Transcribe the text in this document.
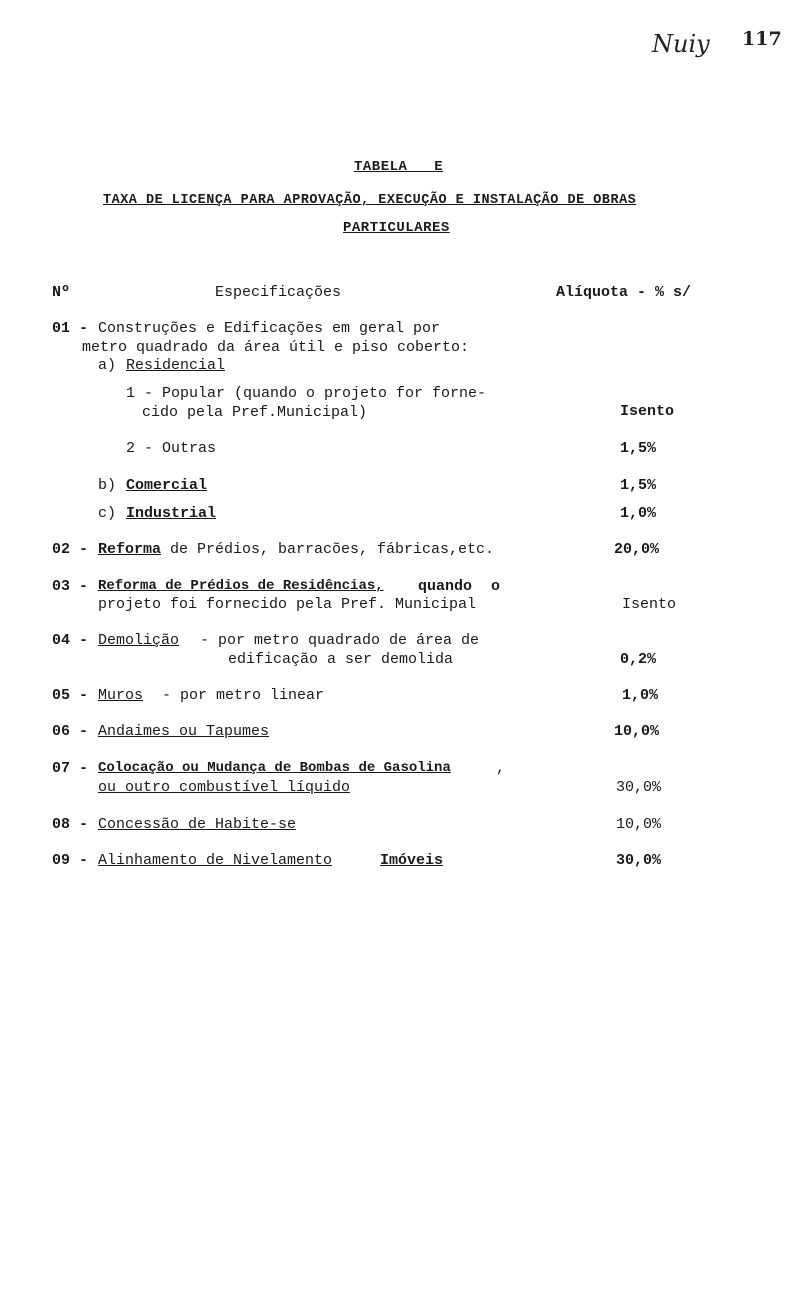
Nuiy 117
TABELA E
TAXA DE LICENÇA PARA APROVAÇÃO, EXECUÇÃO E INSTALAÇÃO DE OBRAS
PARTICULARES
Nº	Especificações	Alíquota - % s/
01 - Construções e Edificações em geral por
metro quadrado da área útil e piso coberto:
a) Residencial
1 - Popular (quando o projeto for forne-
cido pela Pref.Municipal)	Isento
2 - Outras	1,5%
b) Comercial	1,5%
c) Industrial	1,0%
02 - Reforma de Prédios, barracões, fábricas,etc.	20,0%
03 - Reforma de Prédios de Residências, quando o
projeto foi fornecido pela Pref. Municipal	Isento
04 - Demolição - por metro quadrado de área de
edificação a ser demolida	0,2%
05 - Muros - por metro linear	1,0%
06 - Andaimes ou Tapumes	10,0%
07 - Colocação ou Mudança de Bombas de Gasolina	,
ou outro combustível líquido	30,0%
08 - Concessão de Habite-se	10,0%
09 - Alinhamento de Nivelamento	Imóveis	30,0%
